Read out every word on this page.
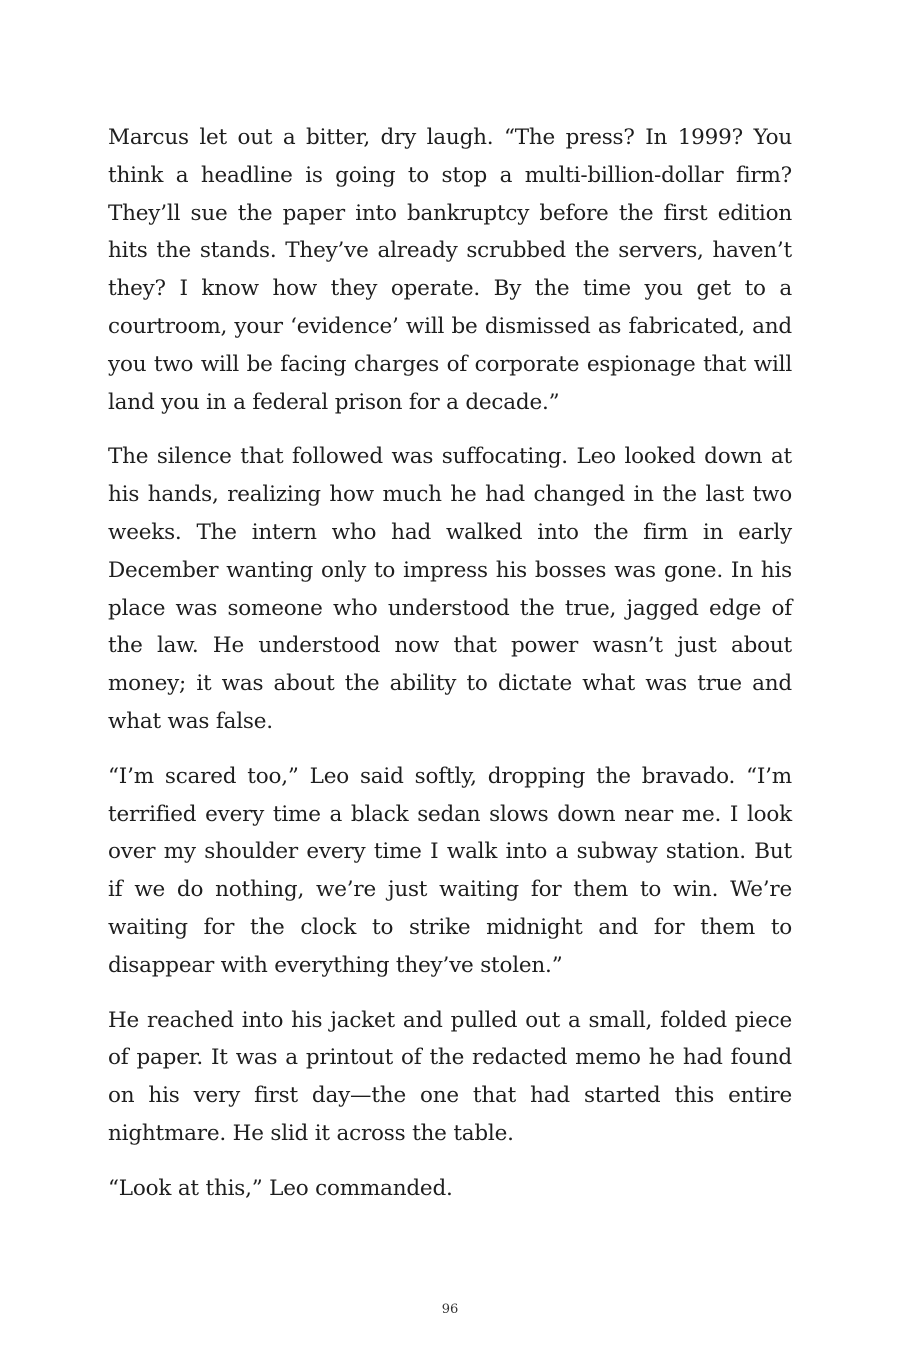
Marcus let out a bitter, dry laugh. “The press? In 1999? You think a headline is going to stop a multi-billion-dollar firm? They’ll sue the paper into bankruptcy before the first edition hits the stands. They’ve already scrubbed the servers, haven’t they? I know how they operate. By the time you get to a courtroom, your ‘evidence’ will be dismissed as fabricated, and you two will be facing charges of corporate espionage that will land you in a federal prison for a decade.”

The silence that followed was suffocating. Leo looked down at his hands, realizing how much he had changed in the last two weeks. The intern who had walked into the firm in early December wanting only to impress his bosses was gone. In his place was someone who understood the true, jagged edge of the law. He understood now that power wasn’t just about money; it was about the ability to dictate what was true and what was false.

“I’m scared too,” Leo said softly, dropping the bravado. “I’m terrified every time a black sedan slows down near me. I look over my shoulder every time I walk into a subway station. But if we do nothing, we’re just waiting for them to win. We’re waiting for the clock to strike midnight and for them to disappear with everything they’ve stolen.”

He reached into his jacket and pulled out a small, folded piece of paper. It was a printout of the redacted memo he had found on his very first day—the one that had started this entire nightmare. He slid it across the table.

“Look at this,” Leo commanded.

96
